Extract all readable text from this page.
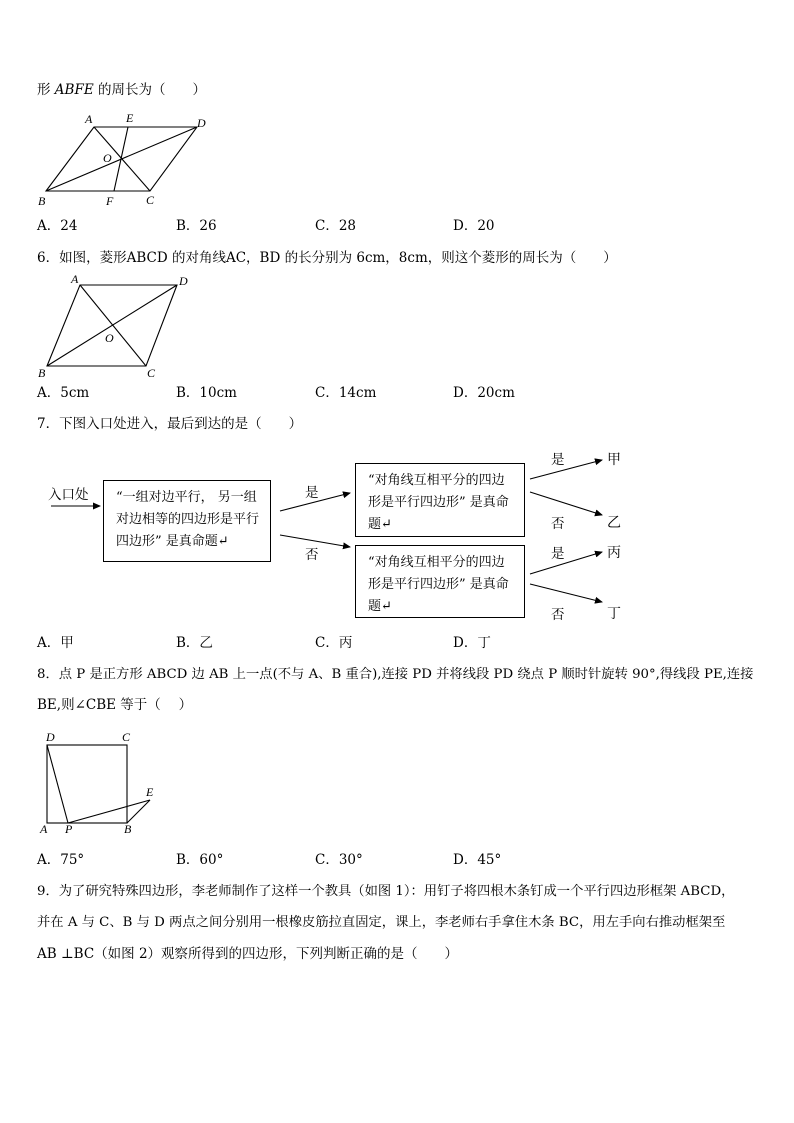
形 ABFE 的周长为（　　）
A	E	D
O
B	F	C
A．24	B．26	C．28	D．20
6．如图，菱形ABCD 的对角线AC，BD 的长分别为 6cm，8cm，则这个菱形的周长为（　　）
A	D
O
B	C
A．5cm	B．10cm	C．14cm	D．20cm
7．下图入口处进入，最后到达的是（　　）
入口处	“一组对边平行， 另一组对边相等的四边形是平行四边形” 是真命题↵
“对角线互相平分的四边形是平行四边形” 是真命题↵
“对角线互相平分的四边形是平行四边形” 是真命题↵
是
否
是
否
是
否
甲
乙
丙
丁
A．甲	B．乙	C．丙	D．丁
8．点 P 是正方形 ABCD 边 AB 上一点(不与 A、B 重合),连接 PD 并将线段 PD 绕点 P 顺时针旋转 90°,得线段 PE,连接
BE,则∠CBE 等于（　 ）
D	C
E
A P	B
A．75°	B．60°	C．30°	D．45°
9．为了研究特殊四边形，李老师制作了这样一个教具（如图 1）：用钉子将四根木条钉成一个平行四边形框架 ABCD，
并在 A 与 C、B 与 D 两点之间分别用一根橡皮筋拉直固定，课上，李老师右手拿住木条 BC，用左手向右推动框架至
AB ⊥BC（如图 2）观察所得到的四边形，下列判断正确的是（　　）
